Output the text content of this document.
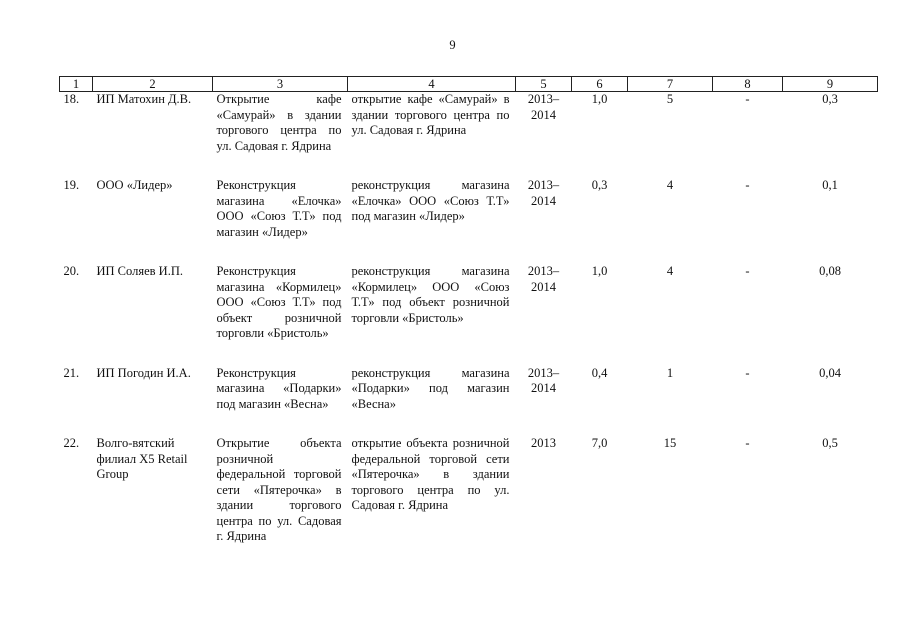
9
1	2	3	4	5	6	7	8	9
18.	ИП Матохин Д.В.	Открытие кафе «Самурай» в здании торгового центра по ул. Садовая г. Ядрина	открытие кафе «Самурай» в здании торгового центра по ул. Садовая г. Ядрина	2013– 2014	1,0	5	-	0,3

19.	ООО «Лидер»	Реконструкция магазина «Елочка» ООО «Союз Т.Т» под магазин «Лидер»	реконструкция магазина «Елочка» ООО «Союз Т.Т» под магазин «Лидер»	2013– 2014	0,3	4	-	0,1

20.	ИП Соляев И.П.	Реконструкция магазина «Кормилец» ООО «Союз Т.Т» под объект розничной торговли «Бристоль»	реконструкция магазина «Кормилец» ООО «Союз Т.Т» под объект розничной торговли «Бристоль»	2013– 2014	1,0	4	-	0,08

21.	ИП Погодин И.А.	Реконструкция магазина «Подарки» под магазин «Весна»	реконструкция магазина «Подарки» под магазин «Весна»	2013– 2014	0,4	1	-	0,04

22.	Волго-вятский филиал X5 Retail Group	Открытие объекта розничной федеральной торговой сети «Пятерочка» в здании торгового центра по ул. Садовая г. Ядрина	открытие объекта розничной федеральной торговой сети «Пятерочка» в здании торгового центра по ул. Садовая г. Ядрина	2013	7,0	15	-	0,5
